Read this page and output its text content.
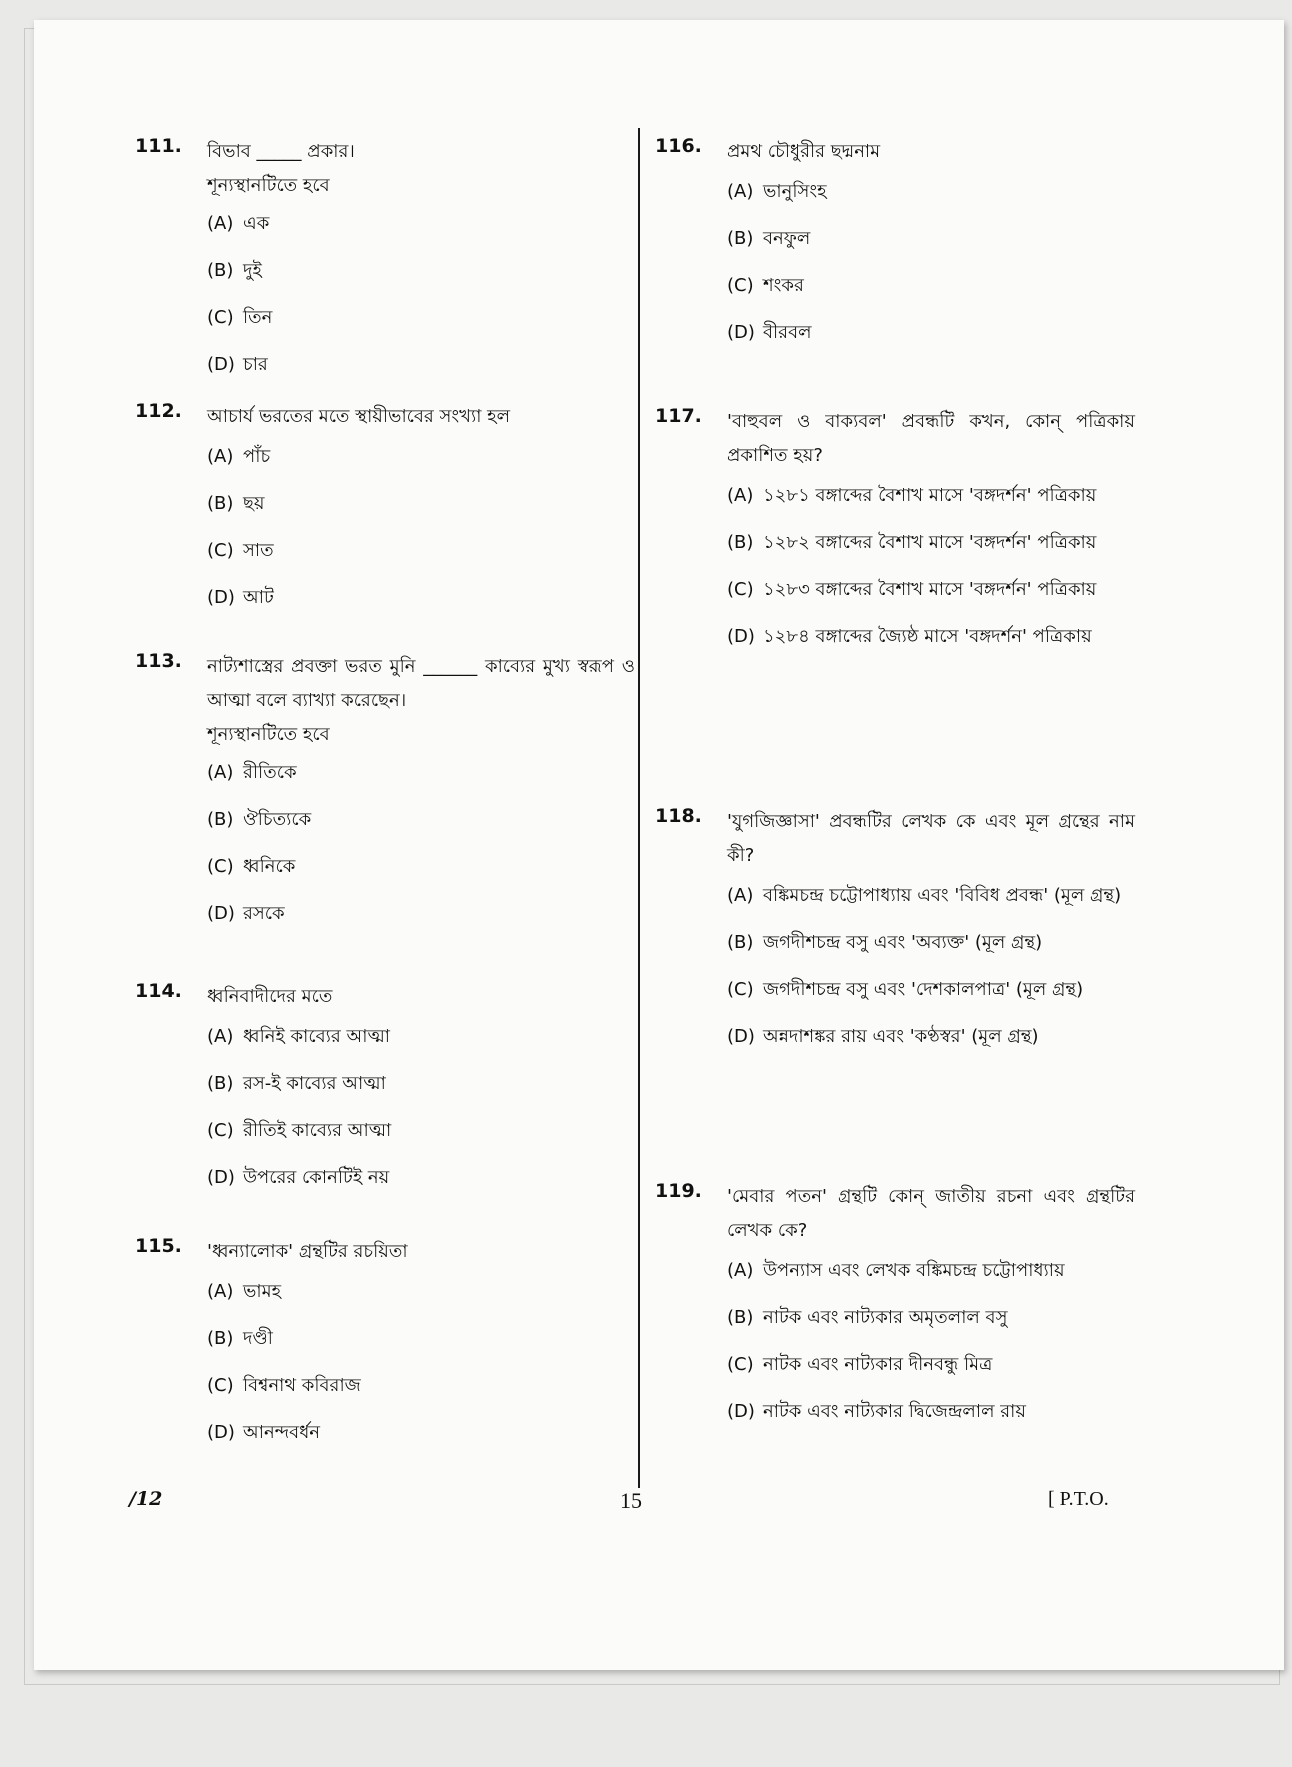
111. বিভাব _____ প্রকার।
শূন্যস্থানটিতে হবে
(A) এক
(B) দুই
(C) তিন
(D) চার
112. আচার্য ভরতের মতে স্থায়ীভাবের সংখ্যা হল
(A) পাঁচ
(B) ছয়
(C) সাত
(D) আট
113. নাট্যশাস্ত্রের প্রবক্তা ভরত মুনি ______ কাব্যের মুখ্য স্বরূপ ও আত্মা বলে ব্যাখ্যা করেছেন।
শূন্যস্থানটিতে হবে
(A) রীতিকে
(B) ঔচিত্যকে
(C) ধ্বনিকে
(D) রসকে
114. ধ্বনিবাদীদের মতে
(A) ধ্বনিই কাব্যের আত্মা
(B) রস-ই কাব্যের আত্মা
(C) রীতিই কাব্যের আত্মা
(D) উপরের কোনটিই নয়
115. 'ধ্বন্যালোক' গ্রন্থটির রচয়িতা
(A) ভামহ
(B) দণ্ডী
(C) বিশ্বনাথ কবিরাজ
(D) আনন্দবর্ধন
116. প্রমথ চৌধুরীর ছদ্মনাম
(A) ভানুসিংহ
(B) বনফুল
(C) শংকর
(D) বীরবল
117. 'বাহুবল ও বাক্যবল' প্রবন্ধটি কখন, কোন্ পত্রিকায় প্রকাশিত হয়?
(A) ১২৮১ বঙ্গাব্দের বৈশাখ মাসে 'বঙ্গদর্শন' পত্রিকায়
(B) ১২৮২ বঙ্গাব্দের বৈশাখ মাসে 'বঙ্গদর্শন' পত্রিকায়
(C) ১২৮৩ বঙ্গাব্দের বৈশাখ মাসে 'বঙ্গদর্শন' পত্রিকায়
(D) ১২৮৪ বঙ্গাব্দের জ্যৈষ্ঠ মাসে 'বঙ্গদর্শন' পত্রিকায়
118. 'যুগজিজ্ঞাসা' প্রবন্ধটির লেখক কে এবং মূল গ্রন্থের নাম কী?
(A) বঙ্কিমচন্দ্র চট্টোপাধ্যায় এবং 'বিবিধ প্রবন্ধ' (মূল গ্রন্থ)
(B) জগদীশচন্দ্র বসু এবং 'অব্যক্ত' (মূল গ্রন্থ)
(C) জগদীশচন্দ্র বসু এবং 'দেশকালপাত্র' (মূল গ্রন্থ)
(D) অন্নদাশঙ্কর রায় এবং 'কণ্ঠস্বর' (মূল গ্রন্থ)
119. 'মেবার পতন' গ্রন্থটি কোন্ জাতীয় রচনা এবং গ্রন্থটির লেখক কে?
(A) উপন্যাস এবং লেখক বঙ্কিমচন্দ্র চট্টোপাধ্যায়
(B) নাটক এবং নাট্যকার অমৃতলাল বসু
(C) নাটক এবং নাট্যকার দীনবন্ধু মিত্র
(D) নাটক এবং নাট্যকার দ্বিজেন্দ্রলাল রায়
/12	15	[ P.T.O.
